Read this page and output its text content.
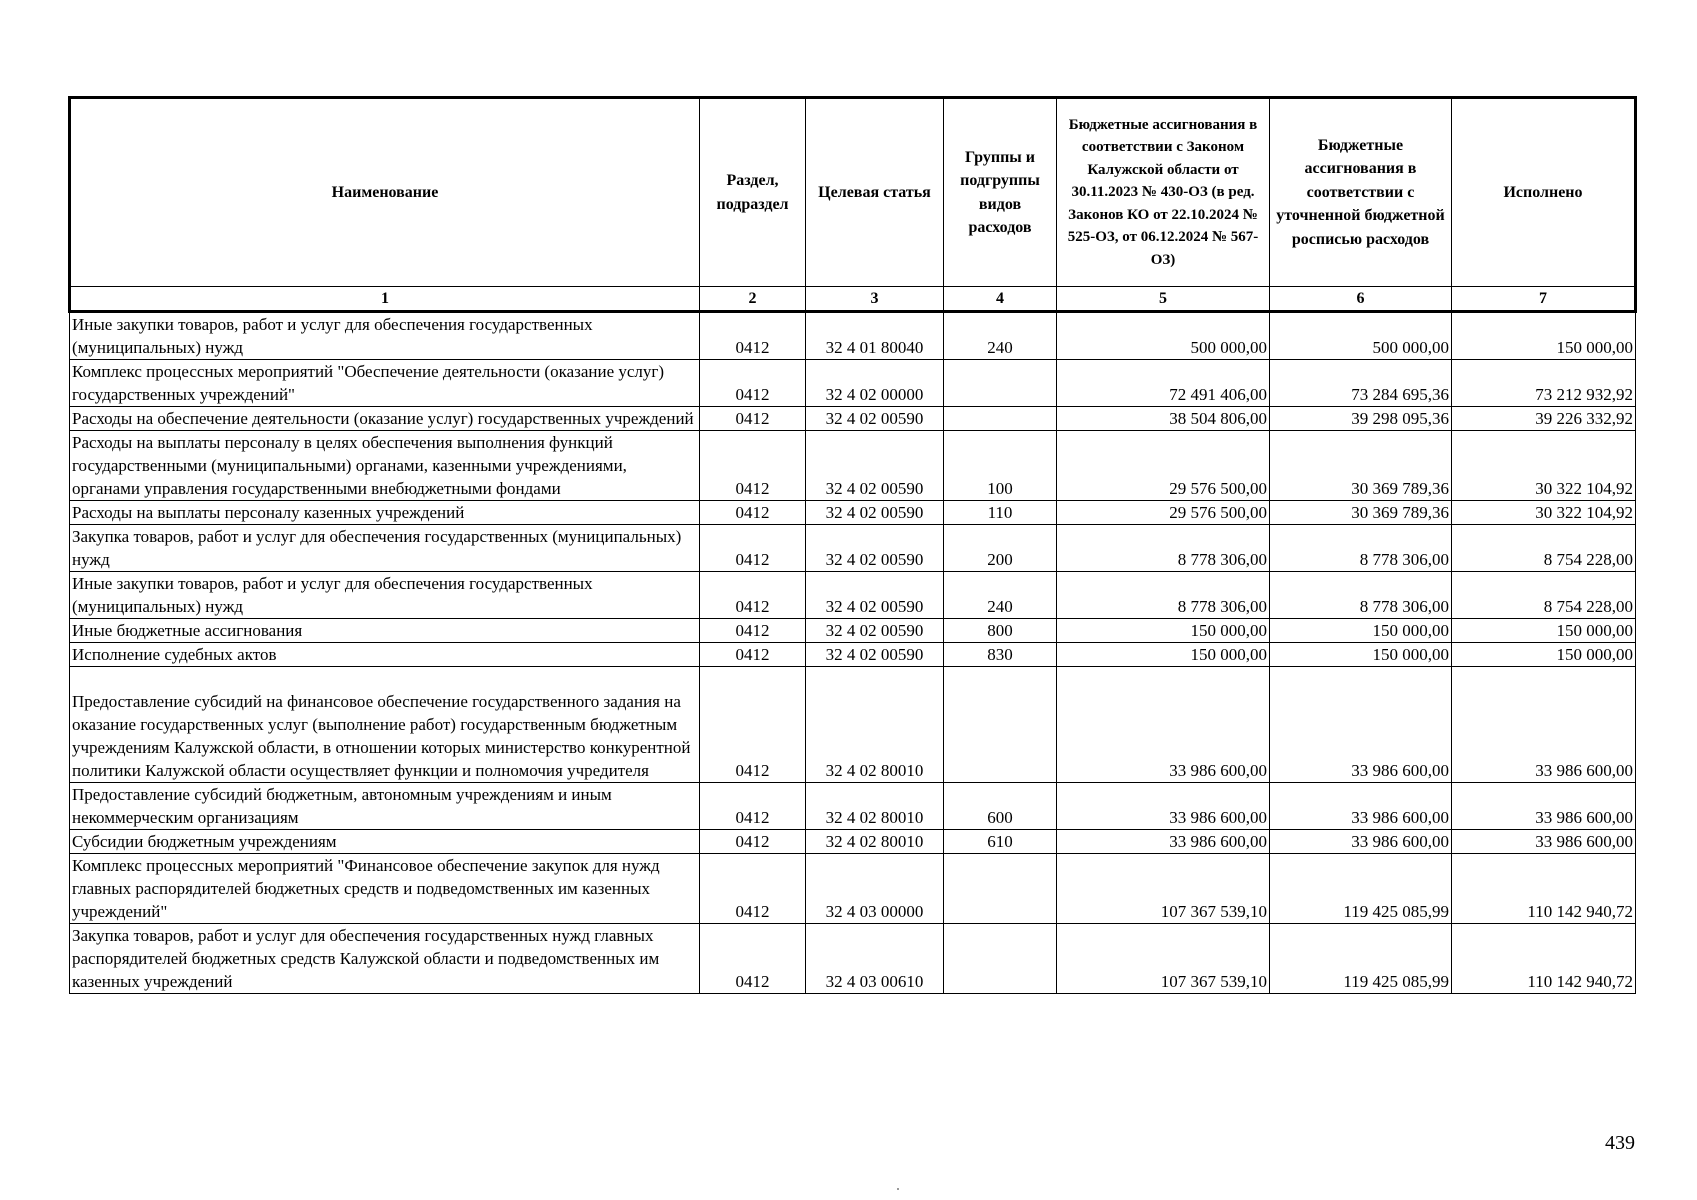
Наименование	Раздел, подраздел	Целевая статья	Группы и подгруппы видов расходов	Бюджетные ассигнования в соответствии с Законом Калужской области от 30.11.2023 № 430-ОЗ (в ред. Законов КО от 22.10.2024 № 525-ОЗ, от 06.12.2024 № 567-ОЗ)	Бюджетные ассигнования в соответствии с уточненной бюджетной росписью расходов	Исполнено
1	2	3	4	5	6	7
Иные закупки товаров, работ и услуг для обеспечения государственных (муниципальных) нужд	0412	32 4 01 80040	240	500 000,00	500 000,00	150 000,00
Комплекс процессных мероприятий "Обеспечение деятельности (оказание услуг) государственных учреждений"	0412	32 4 02 00000		72 491 406,00	73 284 695,36	73 212 932,92
Расходы на обеспечение деятельности (оказание услуг) государственных учреждений	0412	32 4 02 00590		38 504 806,00	39 298 095,36	39 226 332,92
Расходы на выплаты персоналу в целях обеспечения выполнения функций государственными (муниципальными) органами, казенными учреждениями, органами управления государственными внебюджетными фондами	0412	32 4 02 00590	100	29 576 500,00	30 369 789,36	30 322 104,92
Расходы на выплаты персоналу казенных учреждений	0412	32 4 02 00590	110	29 576 500,00	30 369 789,36	30 322 104,92
Закупка товаров, работ и услуг для обеспечения государственных (муниципальных) нужд	0412	32 4 02 00590	200	8 778 306,00	8 778 306,00	8 754 228,00
Иные закупки товаров, работ и услуг для обеспечения государственных (муниципальных) нужд	0412	32 4 02 00590	240	8 778 306,00	8 778 306,00	8 754 228,00
Иные бюджетные ассигнования	0412	32 4 02 00590	800	150 000,00	150 000,00	150 000,00
Исполнение судебных актов	0412	32 4 02 00590	830	150 000,00	150 000,00	150 000,00
Предоставление субсидий на финансовое обеспечение государственного задания на оказание государственных услуг (выполнение работ) государственным бюджетным учреждениям Калужской области, в отношении которых министерство конкурентной политики Калужской области осуществляет функции и полномочия учредителя	0412	32 4 02 80010		33 986 600,00	33 986 600,00	33 986 600,00
Предоставление субсидий бюджетным, автономным учреждениям и иным некоммерческим организациям	0412	32 4 02 80010	600	33 986 600,00	33 986 600,00	33 986 600,00
Субсидии бюджетным учреждениям	0412	32 4 02 80010	610	33 986 600,00	33 986 600,00	33 986 600,00
Комплекс процессных мероприятий "Финансовое обеспечение закупок для нужд главных распорядителей бюджетных средств и подведомственных им казенных учреждений"	0412	32 4 03 00000		107 367 539,10	119 425 085,99	110 142 940,72
Закупка товаров, работ и услуг для обеспечения государственных нужд главных распорядителей бюджетных средств Калужской области и подведомственных им казенных учреждений	0412	32 4 03 00610		107 367 539,10	119 425 085,99	110 142 940,72
439
